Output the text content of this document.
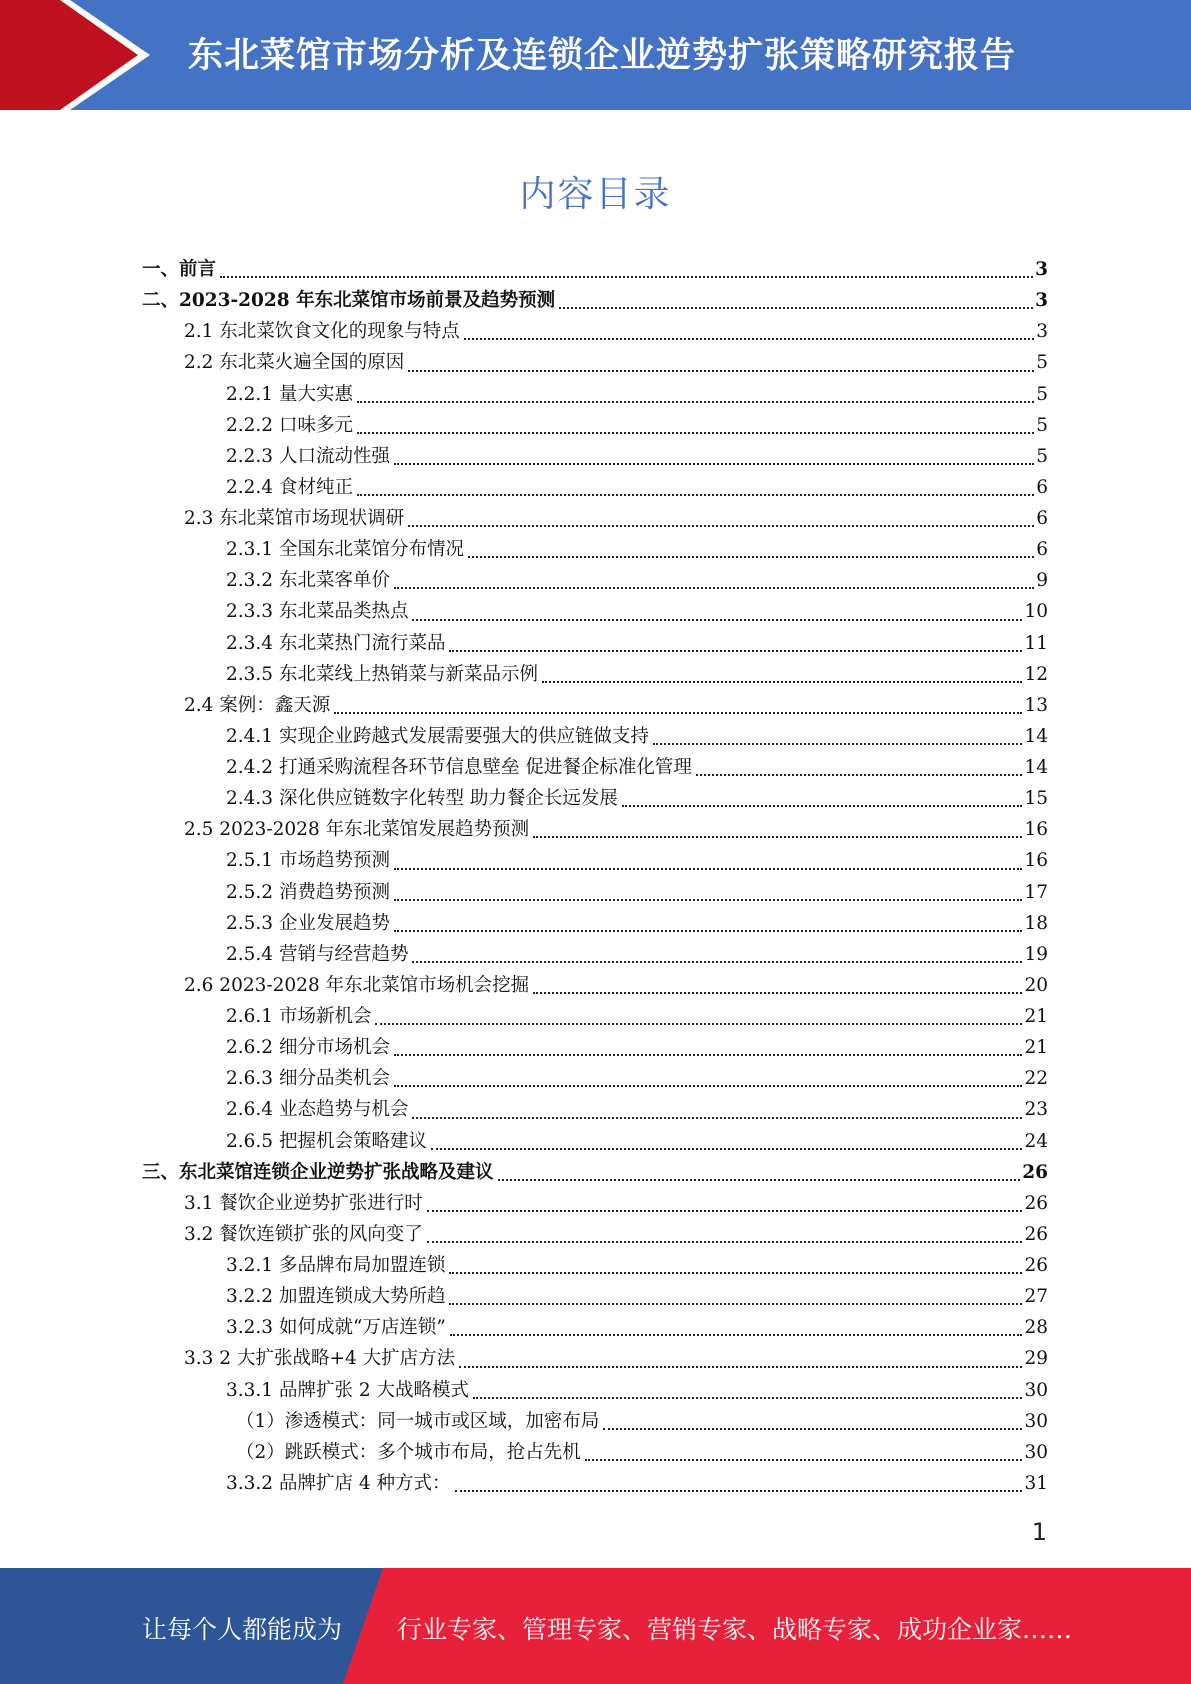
东北菜馆市场分析及连锁企业逆势扩张策略研究报告
内容目录
一、前言	3
二、2023-2028 年东北菜馆市场前景及趋势预测	3
2.1 东北菜饮食文化的现象与特点	3
2.2 东北菜火遍全国的原因	5
2.2.1 量大实惠	5
2.2.2 口味多元	5
2.2.3 人口流动性强	5
2.2.4 食材纯正	6
2.3 东北菜馆市场现状调研	6
2.3.1 全国东北菜馆分布情况	6
2.3.2 东北菜客单价	9
2.3.3 东北菜品类热点	10
2.3.4 东北菜热门流行菜品	11
2.3.5 东北菜线上热销菜与新菜品示例	12
2.4 案例：鑫天源	13
2.4.1 实现企业跨越式发展需要强大的供应链做支持	14
2.4.2 打通采购流程各环节信息壁垒 促进餐企标准化管理	14
2.4.3 深化供应链数字化转型 助力餐企长远发展	15
2.5 2023-2028 年东北菜馆发展趋势预测	16
2.5.1 市场趋势预测	16
2.5.2 消费趋势预测	17
2.5.3 企业发展趋势	18
2.5.4 营销与经营趋势	19
2.6 2023-2028 年东北菜馆市场机会挖掘	20
2.6.1 市场新机会	21
2.6.2 细分市场机会	21
2.6.3 细分品类机会	22
2.6.4 业态趋势与机会	23
2.6.5 把握机会策略建议	24
三、东北菜馆连锁企业逆势扩张战略及建议	26
3.1 餐饮企业逆势扩张进行时	26
3.2 餐饮连锁扩张的风向变了	26
3.2.1 多品牌布局加盟连锁	26
3.2.2 加盟连锁成大势所趋	27
3.2.3 如何成就“万店连锁”	28
3.3 2 大扩张战略+4 大扩店方法	29
3.3.1 品牌扩张 2 大战略模式	30
（1）渗透模式：同一城市或区域，加密布局	30
（2）跳跃模式：多个城市布局，抢占先机	30
3.3.2 品牌扩店 4 种方式：	31
1
让每个人都能成为 行业专家、管理专家、营销专家、战略专家、成功企业家……
